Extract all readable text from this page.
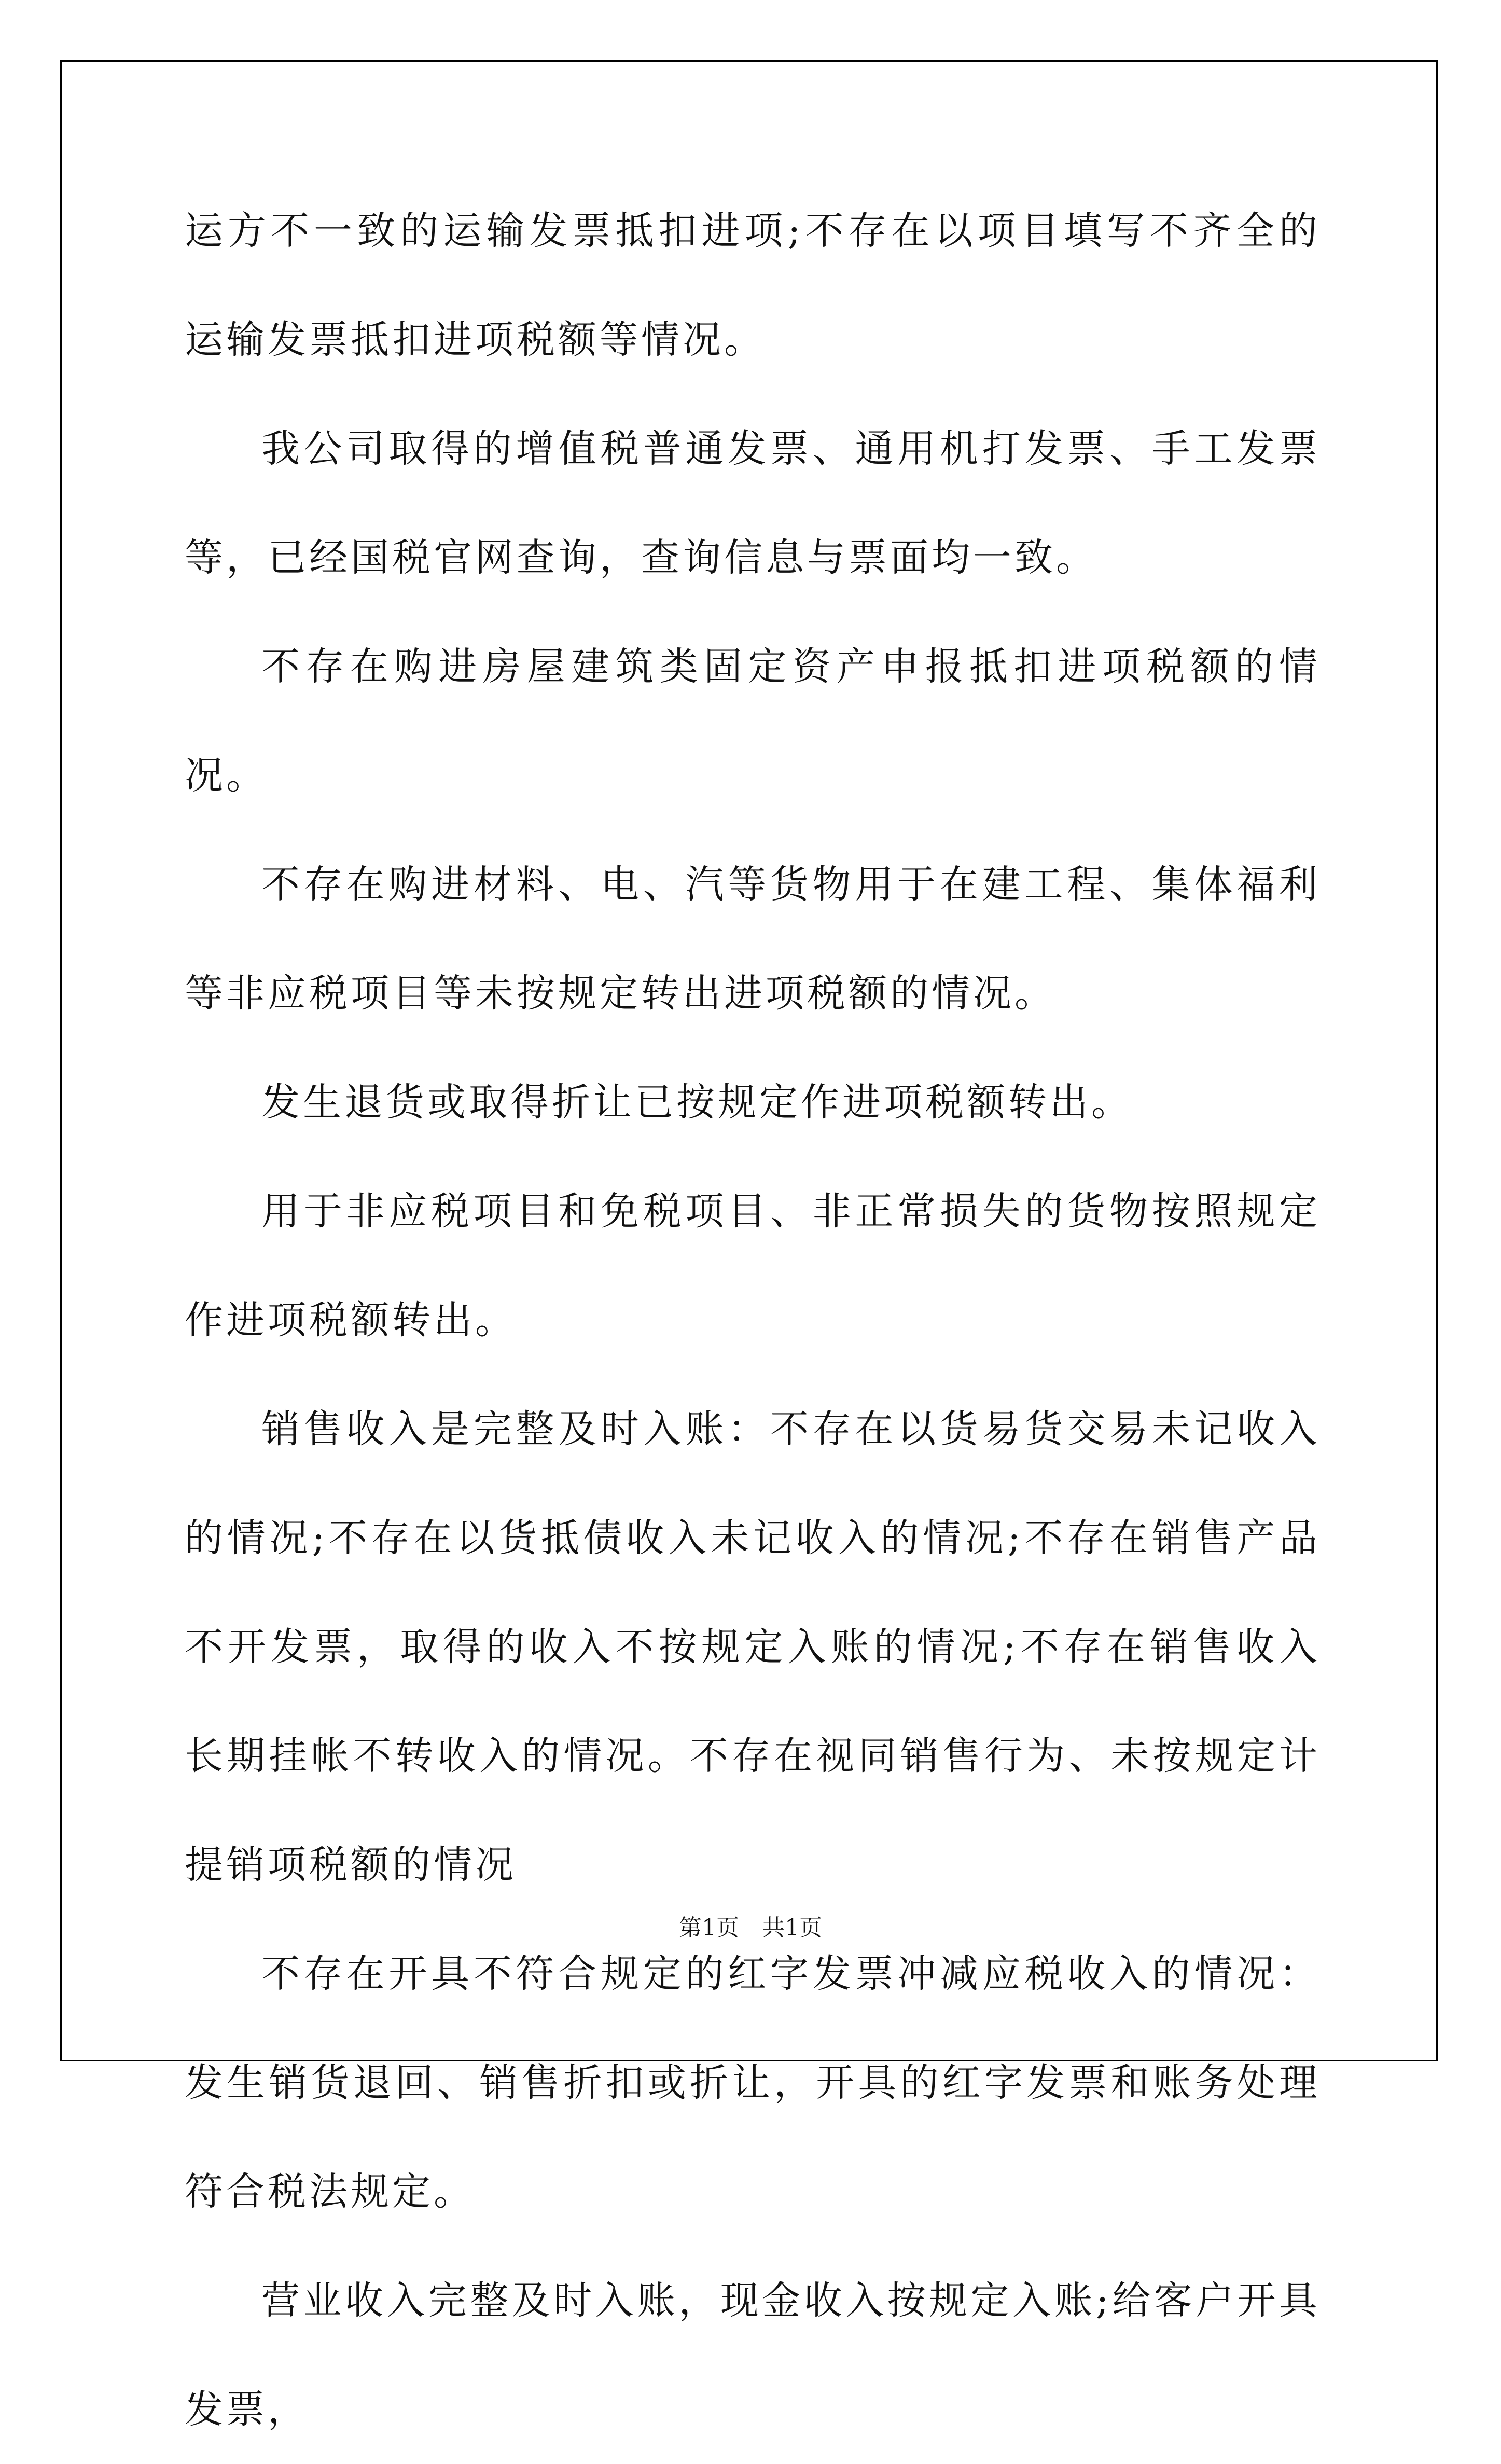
运方不一致的运输发票抵扣进项;不存在以项目填写不齐全的运输发票抵扣进项税额等情况。

我公司取得的增值税普通发票、通用机打发票、手工发票等，已经国税官网查询，查询信息与票面均一致。

不存在购进房屋建筑类固定资产申报抵扣进项税额的情况。

不存在购进材料、电、汽等货物用于在建工程、集体福利等非应税项目等未按规定转出进项税额的情况。

发生退货或取得折让已按规定作进项税额转出。

用于非应税项目和免税项目、非正常损失的货物按照规定作进项税额转出。

销售收入是完整及时入账：不存在以货易货交易未记收入的情况;不存在以货抵债收入未记收入的情况;不存在销售产品不开发票，取得的收入不按规定入账的情况;不存在销售收入长期挂帐不转收入的情况。不存在视同销售行为、未按规定计提销项税额的情况

不存在开具不符合规定的红字发票冲减应税收入的情况：发生销货退回、销售折扣或折让，开具的红字发票和账务处理符合税法规定。

营业收入完整及时入账，现金收入按规定入账;给客户开具发票，

第1页　共1页
